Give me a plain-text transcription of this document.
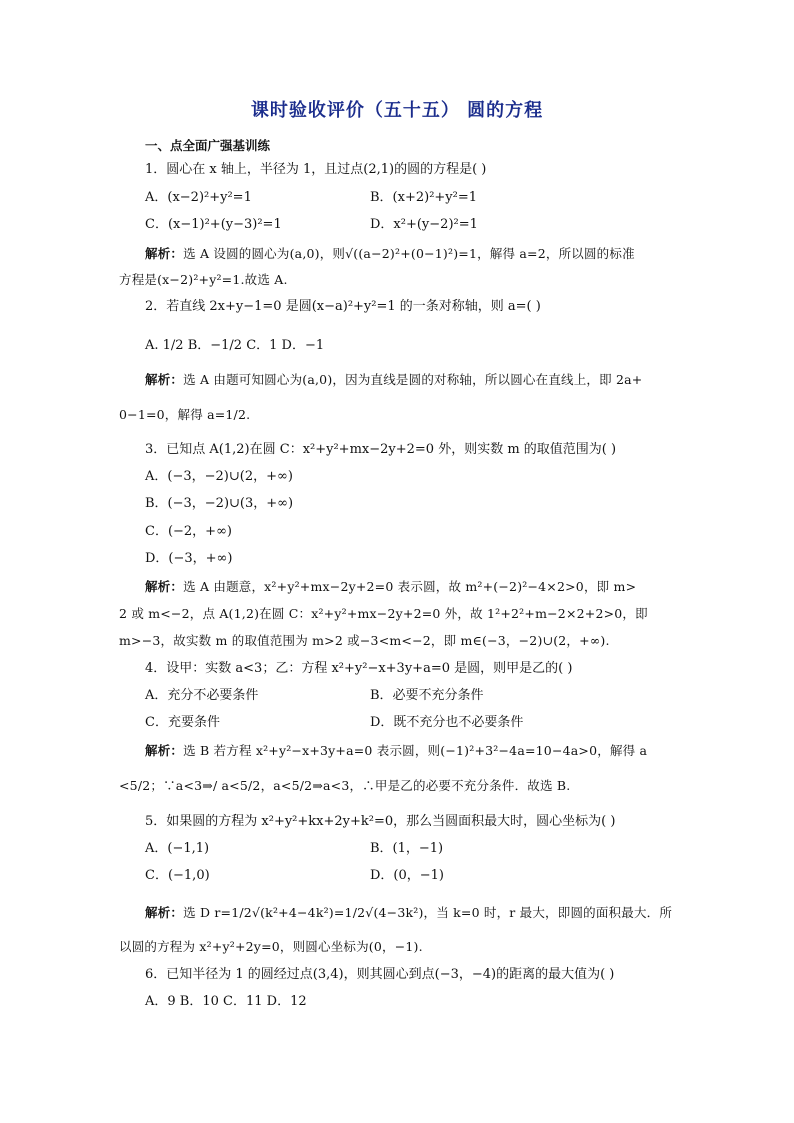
课时验收评价（五十五） 圆的方程
一、点全面广强基训练
1．圆心在 x 轴上，半径为 1，且过点(2,1)的圆的方程是( )
A．(x−2)²+y²=1	B．(x+2)²+y²=1
C．(x−1)²+(y−3)²=1	D．x²+(y−2)²=1
解析：选 A 设圆的圆心为(a,0)，则√((a−2)²+(0−1)²)=1，解得 a=2，所以圆的标准
方程是(x−2)²+y²=1.故选 A.
2．若直线 2x+y−1=0 是圆(x−a)²+y²=1 的一条对称轴，则 a=( )
A. 1/2 B．−1/2 C．1 D．−1
解析：选 A 由题可知圆心为(a,0)，因为直线是圆的对称轴，所以圆心在直线上，即 2a+
0−1=0，解得 a=1/2.
3．已知点 A(1,2)在圆 C：x²+y²+mx−2y+2=0 外，则实数 m 的取值范围为( )
A．(−3，−2)∪(2，+∞)
B．(−3，−2)∪(3，+∞)
C．(−2，+∞)
D．(−3，+∞)
解析：选 A 由题意，x²+y²+mx−2y+2=0 表示圆，故 m²+(−2)²−4×2>0，即 m>
2 或 m<−2，点 A(1,2)在圆 C：x²+y²+mx−2y+2=0 外，故 1²+2²+m−2×2+2>0，即
m>−3，故实数 m 的取值范围为 m>2 或−3<m<−2，即 m∈(−3，−2)∪(2，+∞).
4．设甲：实数 a<3；乙：方程 x²+y²−x+3y+a=0 是圆，则甲是乙的( )
A．充分不必要条件	B．必要不充分条件
C．充要条件	D．既不充分也不必要条件
解析：选 B 若方程 x²+y²−x+3y+a=0 表示圆，则(−1)²+3²−4a=10−4a>0，解得 a
<5/2；∵a<3⇒/ a<5/2，a<5/2⇒a<3，∴甲是乙的必要不充分条件．故选 B.
5．如果圆的方程为 x²+y²+kx+2y+k²=0，那么当圆面积最大时，圆心坐标为( )
A．(−1,1)	B．(1，−1)
C．(−1,0)	D．(0，−1)
解析：选 D r=1/2√(k²+4−4k²)=1/2√(4−3k²)，当 k=0 时，r 最大，即圆的面积最大．所
以圆的方程为 x²+y²+2y=0，则圆心坐标为(0，−1).
6．已知半径为 1 的圆经过点(3,4)，则其圆心到点(−3，−4)的距离的最大值为( )
A．9 B．10 C．11 D．12
